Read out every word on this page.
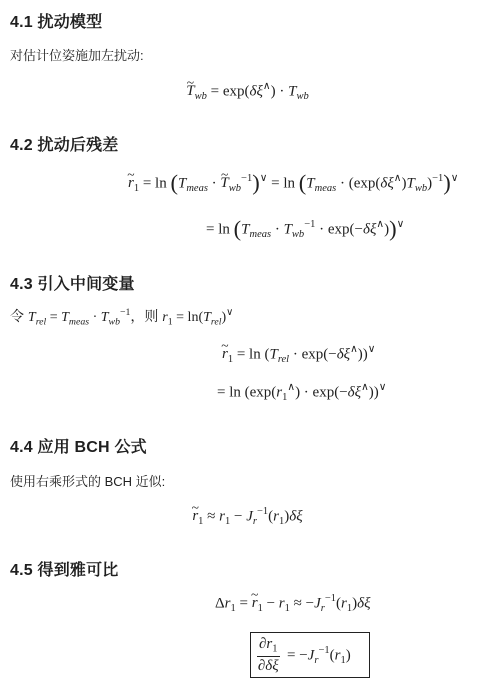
4.1 扰动模型
对估计位姿施加左扰动:
~ $T_{wb} = \exp(\delta\xi^\wedge) \cdot T_{wb}$
4.2 扰动后残差
~ $r_1 = \ln (T_{meas}$ · ~ $T_{wb}^{-1})^\vee = \ln (T_{meas} \cdot (\exp(\delta\xi^\wedge)T_{wb})^{-1})^\vee$
= $\ln (T_{meas} \cdot T_{wb}^{-1} \cdot \exp(-\delta\xi^\wedge))^\vee$
4.3 引入中间变量
令 $T_{rel} = T_{meas} \cdot T_{wb}^{-1}$，则 $r_1 = \ln(T_{rel})^\vee$
~ $r_1 = \ln (T_{rel} \cdot \exp(-\delta\xi^\wedge))^\vee$
= $\ln (\exp(r_1^\wedge) \cdot \exp(-\delta\xi^\wedge))^\vee$
4.4 应用 BCH 公式
使用右乘形式的 BCH 近似:
~ $r_1 \approx r_1 - J_r^{-1}(r_1)\delta\xi$
4.5 得到雅可比
$\Delta r_1$ = ~ $r_1 - r_1 \approx -J_r^{-1}(r_1)\delta\xi$
$\frac{\partial r_1}{\partial\delta\xi} = -J_r^{-1}(r_1)$
